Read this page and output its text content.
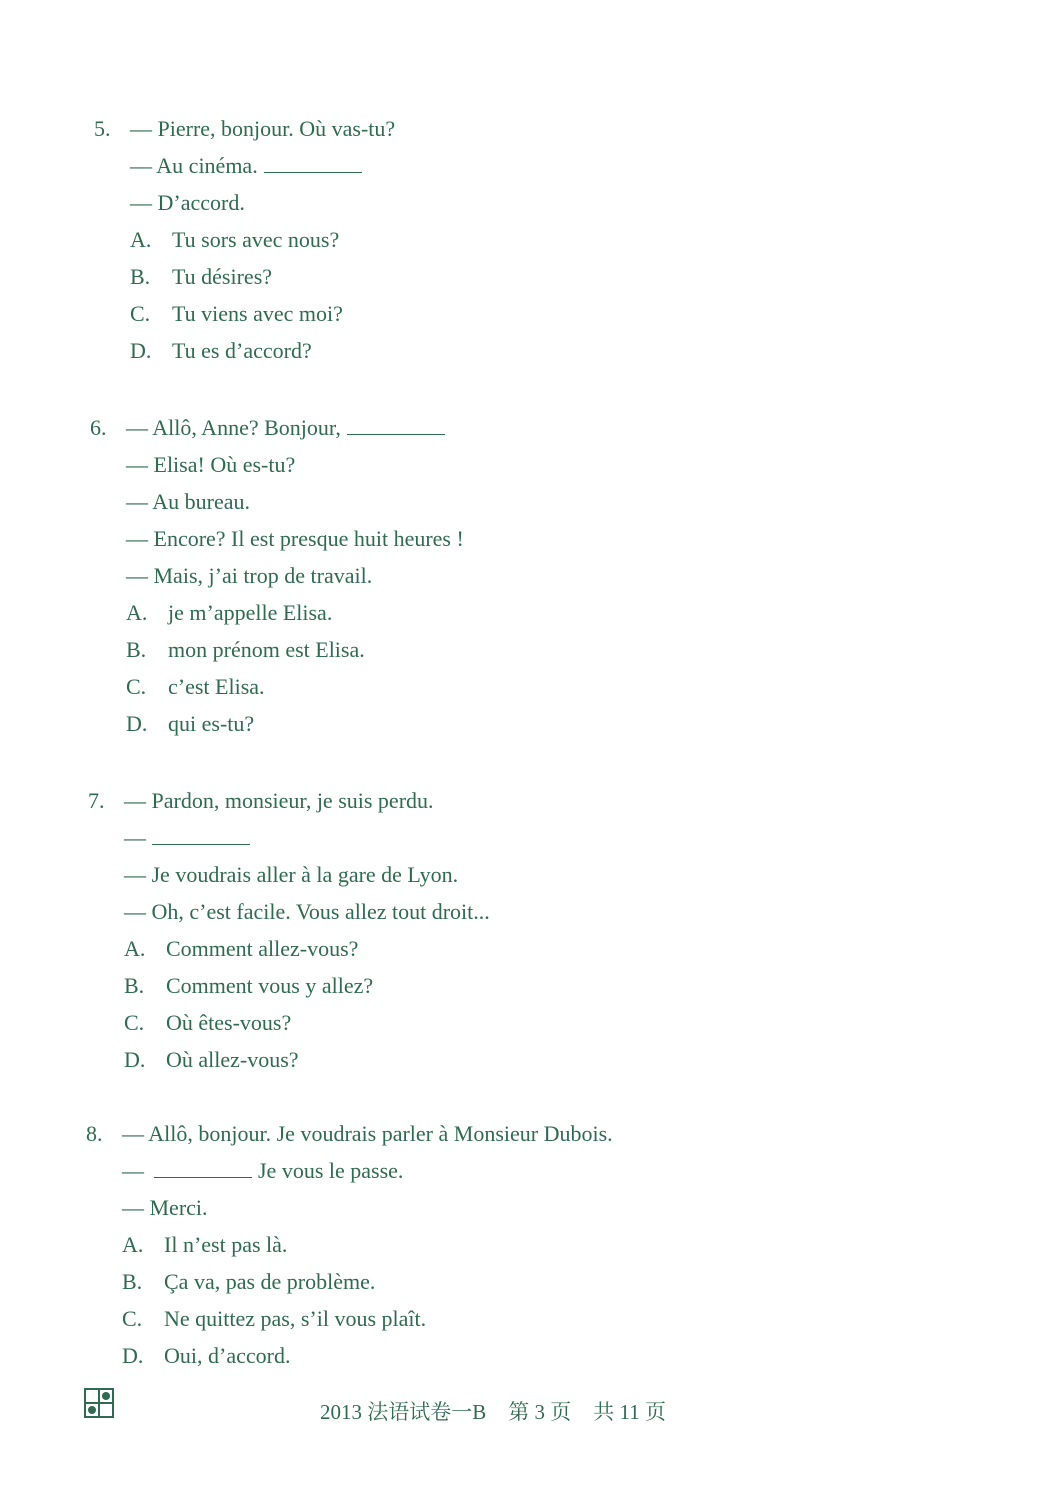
5. — Pierre, bonjour. Où vas-tu?
— Au cinéma.
— D’accord.
A. Tu sors avec nous?
B. Tu désires?
C. Tu viens avec moi?
D. Tu es d’accord?
6. — Allô, Anne? Bonjour,
— Elisa! Où es-tu?
— Au bureau.
— Encore? Il est presque huit heures !
— Mais, j’ai trop de travail.
A. je m’appelle Elisa.
B. mon prénom est Elisa.
C. c’est Elisa.
D. qui es-tu?
7. — Pardon, monsieur, je suis perdu.
—
— Je voudrais aller à la gare de Lyon.
— Oh, c’est facile. Vous allez tout droit...
A. Comment allez-vous?
B. Comment vous y allez?
C. Où êtes-vous?
D. Où allez-vous?
8. — Allô, bonjour. Je voudrais parler à Monsieur Dubois.
—	Je vous le passe.
— Merci.
A. Il n’est pas là.
B. Ça va, pas de problème.
C. Ne quittez pas, s’il vous plaît.
D. Oui, d’accord.
2013 法语试卷一B 第 3 页 共 11 页
